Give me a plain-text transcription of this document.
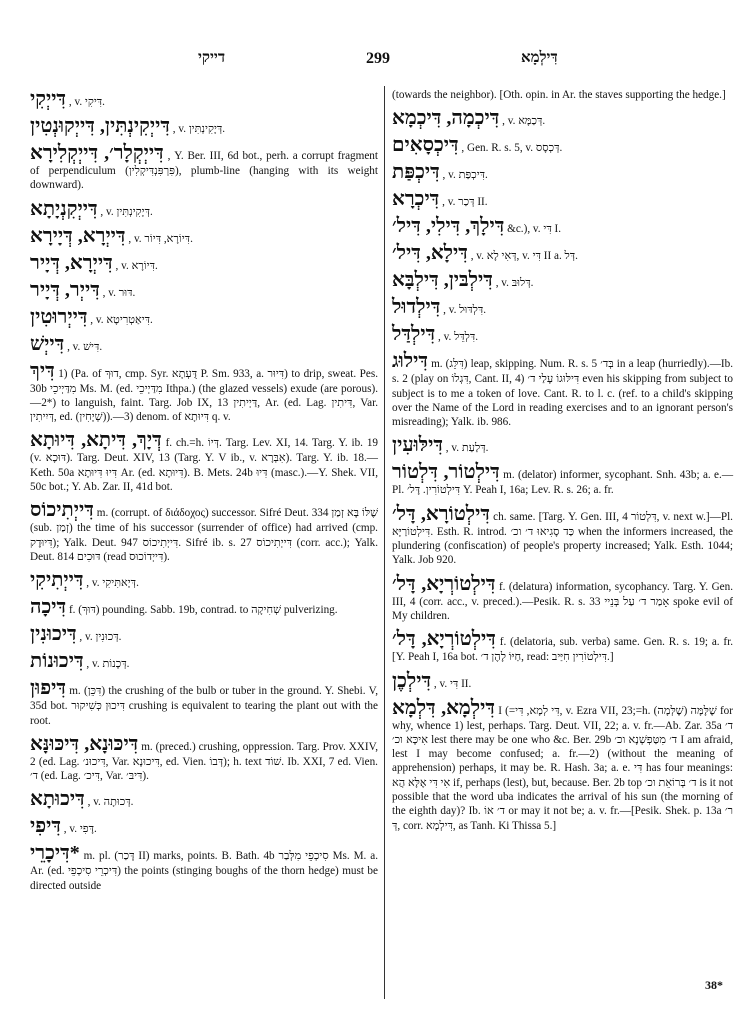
דייקי	299	דִּילְמָא
דִּייְקִי , v. דִּיקִי.
דִּייְקִינְתִּין, דִּייְקוּנְטִין , v. דְּיָקִינְתִּין.
דִּייְקְלָר׳, דִּייְקְלִירָא , Y. Ber. III, 6d bot., perh. a corrupt fragment of perpendiculum (פִּרְפִּנְדִּיקְלִין), plumb-line (hanging with its weight downward).
דִּייְקִנְיָתָא , v. דְּיָקִינְתִּין.
דִּייְרָא, דְּיָירָא , v. דִּיוֹרָא, דִּיוֹר.
דִּייְרָא, דְּיָיר , v. דִּיוֹרָא.
דִּייְר, דְּיָיר , v. דּוּר.
דִּייְרוּטִין , v. דִּיאַטְרִיטָא.
דִּייְשׁ , v. דִּישׁ.
דִּיךְ 1) (Pa. of דוּךְ, cmp. Syr. דֻּעְתָא P. Sm. 933, a. דִּיוּר) to drip, sweat. Pes. 30b מִדַּיְיכֵי Ms. M. (ed. מִדַּיְיכֵי Ithpa.) (the glazed vessels) exude (are porous).—2*) to languish, faint. Targ. Job IX, 13 דַּיְיתִין, Ar. (ed. Lag. דִּיתִין, Var. דְּיִיתִין, ed. (שְׁיָחִין)).—3) denom. of דִּיוּתָא q. v.
דְּיָךְ, דִּיתָא, דִּיוּתָא f. ch.=h. דְּיוֹ. Targ. Lev. XI, 14. Targ. Y. ib. 19 (v. דּוּכָא). Targ. Deut. XIV, 13 (Targ. Y. V ib., v. אִבְּרָא). Targ. Y. ib. 18.—Keth. 50a דִּיוּ דִּיוּתָא Ar. (ed. דִּיוּתָא). B. Mets. 24b דִּיוּ (masc.).—Y. Shek. VII, 50c bot.; Y. Ab. Zar. II, 41d bot.
דִּייְתִיכוֹס m. (corrupt. of διάδοχος) successor. Sifré Deut. 334 שֶׁלּוֹ בָּא זְמַן (sub. זְמַן) the time of his successor (surrender of office) had arrived (cmp. דִּיוּדֶק); Yalk. Deut. 947 דִּייְתִיכוֹס. Sifré ib. s. 27 דִּייְתִיכוֹס (corr. acc.); Yalk. Deut. 814 דּוּכִים (read דִּייְדוֹכוּס).
דִּייְתִיקִי , v. דְּיָאתִּיקִי.
דִּיכָה f. (דּוּךְ) pounding. Sabb. 19b, contrad. to שְׁחִיקָה pulverizing.
דִּיכוּנִין , v. דְּכוּנִין.
דִּיכוּנוֹת , v. דְּכָנוֹת.
דִּיפוּן m. (דִּכֵּן) the crushing of the bulb or tuber in the ground. Y. Shebi. V, 35d bot. דִּיכוּן כְּשִׁיקוּר crushing is equivalent to tearing the plant out with the root.
דִּיכּוּנָא, דִּיכּוּנָּא m. (preced.) crushing, oppression. Targ. Prov. XXIV, 2 (ed. Lag. דִּיכוּנ׳, Var. דִּיכוּנָא, ed. Vien. דְּבוֹ); h. text שׁוֹד. Ib. XXI, 7 ed. Vien. ד׳ (ed. Lag. דִּיכ׳, Var. דִּיבּ׳).
דִּיכוּתָא , v. דְּכוּתָה.
דִּיפִי , v. דָּפִי.
*דִּיכָרֵי m. pl. (דָּכַר II) marks, points. B. Bath. 4b סִיכְפֵי מִלְּבַר Ms. M. a. Ar. (ed. דִּיכְרֵי סִיכְפֵי) the points (stinging boughs of the thorn hedge) must be directed outside
(towards the neighbor). [Oth. opin. in Ar. the staves supporting the hedge.]
דִּיכְמָה, דִּיכְמָא , v. דְּכַמָּא.
דִּיכְסָאִים , Gen. R. s. 5, v. דְּכְסָס.
דִּיכְפַּת , v. דִּיכְפַּת.
דִּיכְרָא , v. דְּכַר II.
דִּילָךְ, דִּילִי, דִּיל׳ &c.), v. דִּי I.
דִּילָא, דִּיל׳ , v. דְּאִי לָא, v. דִּי II a. דְּל.
דִּילְבּין, דִּילְבָּא , v. דְּלוּבּ.
דִּילְדוּל , v. דִּלְדּוּל.
דִּילְדַּל , v. דִּלְדֵּל.
דִּילוּג m. (דִּלֵּג) leap, skipping. Num. R. s. 5 בְּד׳ in a leap (hurriedly).—Ib. s. 2 (play on דִּגְלוֹ, Cant. II, 4) דִּילּוּגוֹ עָלַי ד׳ even his skipping from subject to subject is to me a token of love. Cant. R. to l. c. (ref. to a child's skipping over the Name of the Lord in reading exercises and to an ignorant person's misreading); Yalk. ib. 986.
דִּילּוּעִין , v. דְּלַעַת.
דִּילְטוֹר, דִּלְטוֹר m. (delator) informer, sycophant. Snh. 43b; a. e.—Pl. דִּילְטוֹרִין. דָּל׳ Y. Peah I, 16a; Lev. R. s. 26; a. fr.
דִּילְטוֹרָא, דָּל׳ ch. same. [Targ. Y. Gen. III, 4 דִּלְטוֹר, v. next w.]—Pl. דִּילְטוֹרַיָּא. Esth. R. introd. כַּד סָגִיאוּ ד׳ וכ׳ when the informers increased, the plundering (confiscation) of people's property increased; Yalk. Esth. 1044; Yalk. Job 920.
דִּילְטוֹרְיָא, דָּל׳ f. (delatura) information, sycophancy. Targ. Y. Gen. III, 4 (corr. acc., v. preced.).—Pesik. R. s. 33 אָמַר ד׳ עַל בְּנֵיי spoke evil of My children.
דִּילְטוֹרְיָא, דָּל׳ f. (delatoria, sub. verba) same. Gen. R. s. 19; a. fr. [Y. Peah I, 16a bot. חַיּוֹ לָהֶן ד׳, read: דִּילְטוֹרִין חִיַּיב.]
דִּילְכֶן , v. דִּי II.
דִּילְמָא, דִּלְמָא I (=דִּי לְמָא, דִּי, v. Ezra VII, 23;=h. שֶׁלָּמָּה (שֶׁלְּמָה) for why, whence 1) lest, perhaps. Targ. Deut. VII, 22; a. v. fr.—Ab. Zar. 35a ד׳ אִיכָּא וכ׳ lest there may be one who &c. Ber. 29b ד׳ מִטַּפְשְׁנָא וכ׳ I am afraid, lest I may become confused; a. fr.—2) (without the meaning of apprehension) perhaps, it may be. R. Hash. 3a; a. e. דִּי has four meanings: אִי דִּי אֶלָּא הֲא if, perhaps (lest), but, because. Ber. 2b top ד׳ בְּרוֹאֵת וכ׳ is it not possible that the word uba indicates the arrival of his sun (the morning of the eighth day)? Ib. ד׳ אוֹ or may it not be; a. v. fr.—[Pesik. Shek. p. 13a ר׳ דְּ, corr. דִּילְמָא, as Tanh. Ki Thissa 5.]
38*
